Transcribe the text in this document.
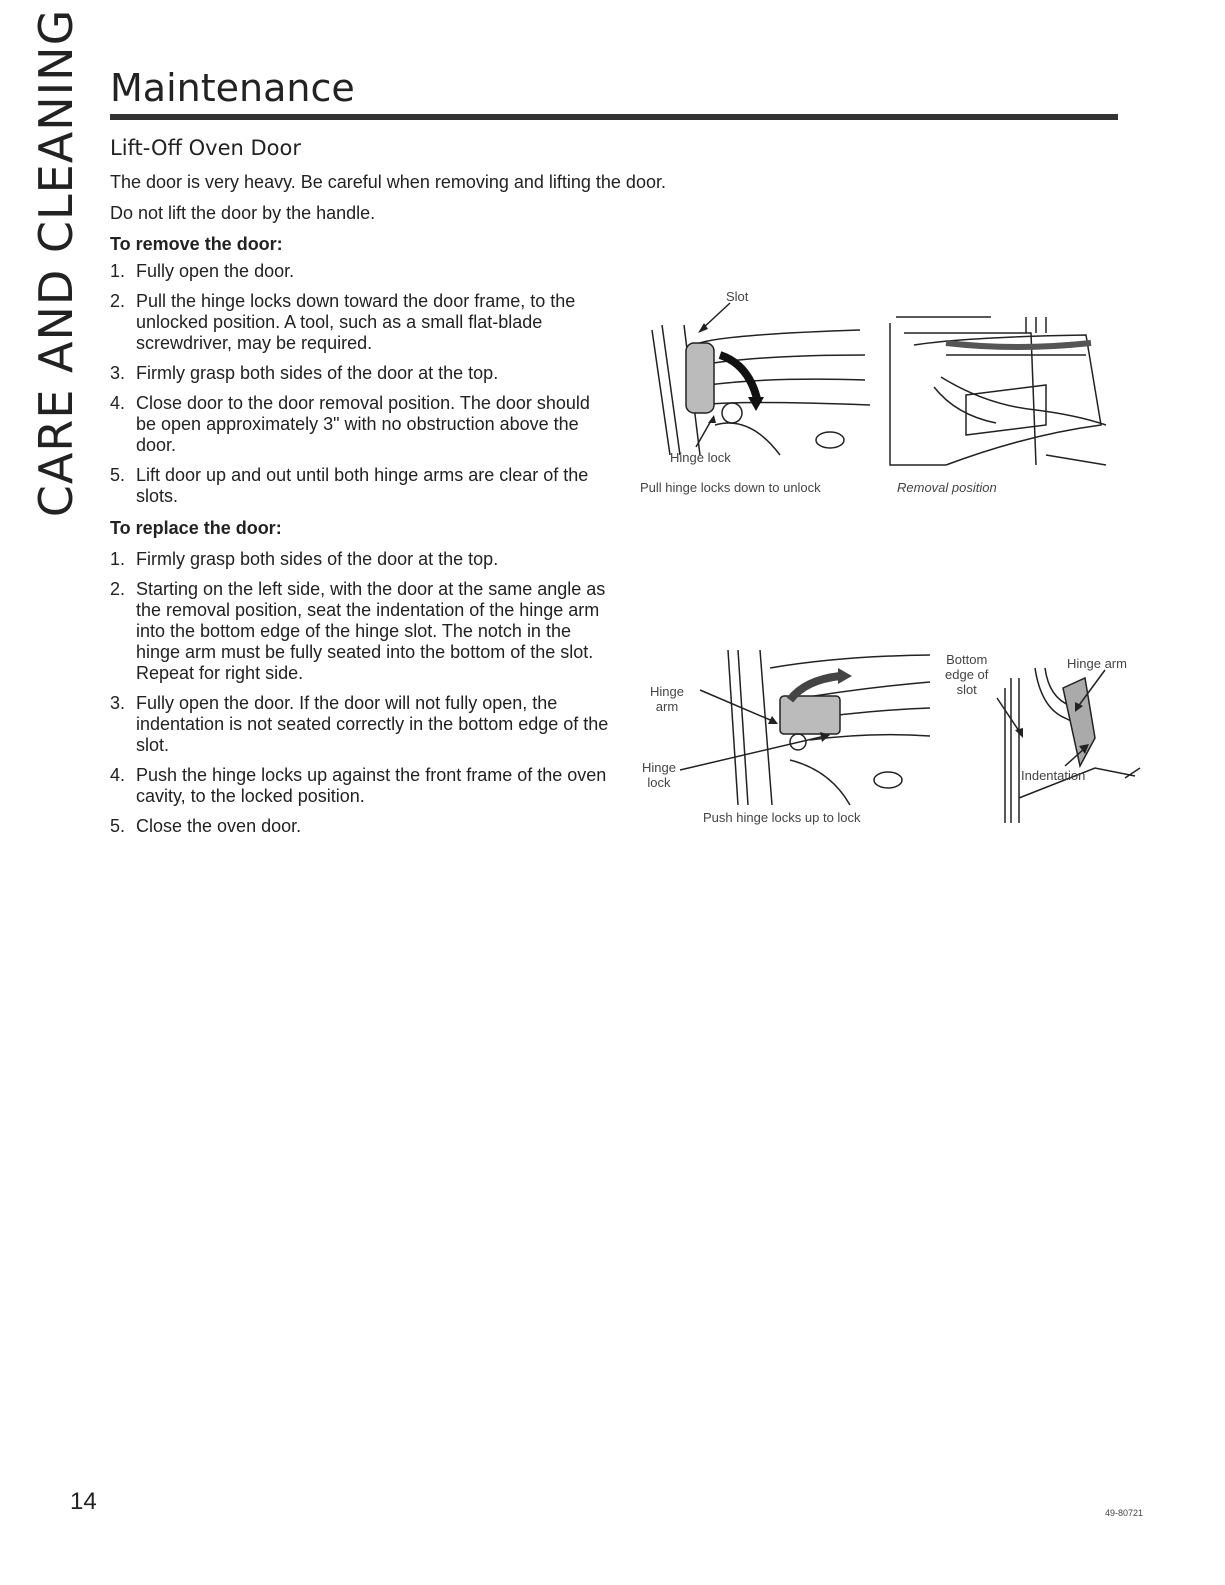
CARE AND CLEANING Maintenance
Lift-Off Oven Door

The door is very heavy. Be careful when removing and lifting the door.

Do not lift the door by the handle.

To remove the door:

1. Fully open the door.
2. Pull the hinge locks down toward the door frame, to the unlocked position. A tool, such as a small flat-blade screwdriver, may be required.
3. Firmly grasp both sides of the door at the top.
4. Close door to the door removal position. The door should be open approximately 3" with no obstruction above the door.
5. Lift door up and out until both hinge arms are clear of the slots.

To replace the door:

1. Firmly grasp both sides of the door at the top.
2. Starting on the left side, with the door at the same angle as the removal position, seat the indentation of the hinge arm into the bottom edge of the hinge slot. The notch in the hinge arm must be fully seated into the bottom of the slot. Repeat for right side.
3. Fully open the door. If the door will not fully open, the indentation is not seated correctly in the bottom edge of the slot.
4. Push the hinge locks up against the front frame of the oven cavity, to the locked position.
5. Close the oven door.
Slot
Hinge lock

Pull hinge locks down to unlock	Removal position

Hinge
arm
Hinge
lock

Push hinge locks up to lock

Bottom
edge of
slot
Hinge arm
Indentation

14	49-80721
